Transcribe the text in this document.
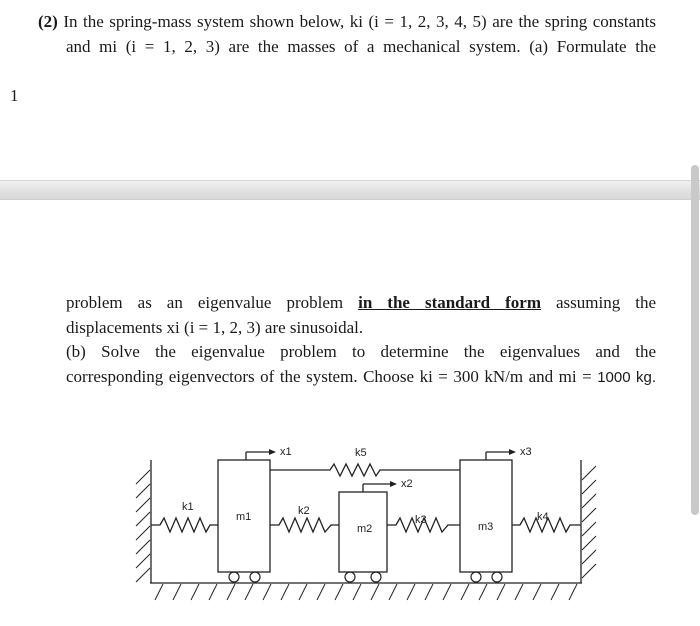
1
(2) In the spring-mass system shown below, ki (i = 1, 2, 3, 4, 5) are the spring constants
and mi (i = 1, 2, 3) are the masses of a mechanical system. (a) Formulate the
problem as an eigenvalue problem in the standard form assuming the
displacements xi (i = 1, 2, 3) are sinusoidal.
(b) Solve the eigenvalue problem to determine the eigenvalues and the
corresponding eigenvectors of the system. Choose ki = 300 kN/m and mi = 1000 kg.
k1	k2
k3	k4
k5
m1
m2	m3
x1
x2
x3
